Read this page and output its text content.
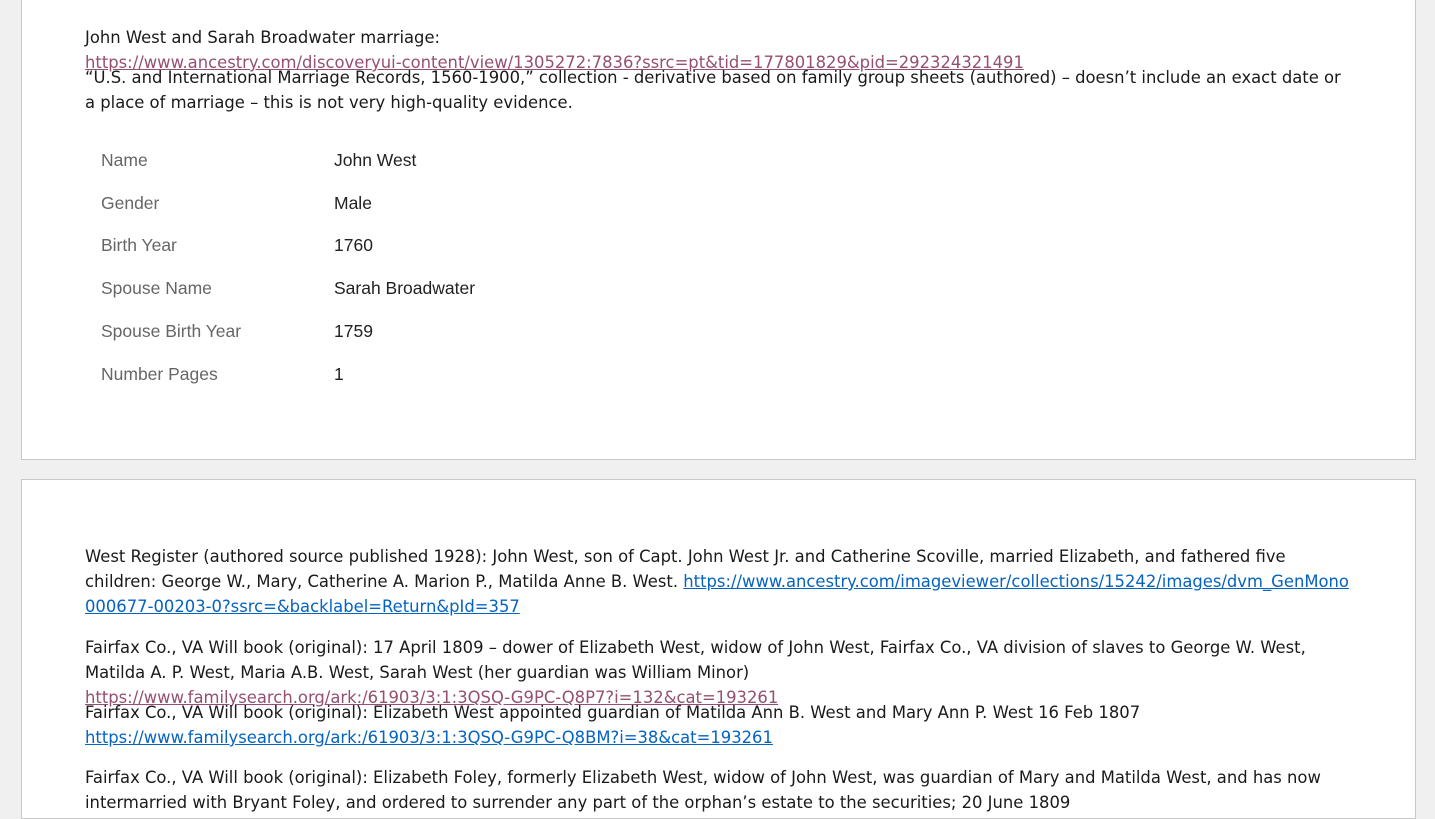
John West and Sarah Broadwater marriage: https://www.ancestry.com/discoveryui-content/view/1305272:7836?ssrc=pt&tid=177801829&pid=292324321491

“U.S. and International Marriage Records, 1560-1900,” collection - derivative based on family group sheets (authored) – doesn’t include an exact date or a place of marriage – this is not very high-quality evidence.

Name	John West
Gender	Male
Birth Year	1760
Spouse Name	Sarah Broadwater
Spouse Birth Year	1759
Number Pages	1

West Register (authored source published 1928): John West, son of Capt. John West Jr. and Catherine Scoville, married Elizabeth, and fathered five children: George W., Mary, Catherine A. Marion P., Matilda Anne B. West. https://www.ancestry.com/imageviewer/collections/15242/images/dvm_GenMono000677-00203-0?ssrc=&backlabel=Return&pId=357

Fairfax Co., VA Will book (original): 17 April 1809 – dower of Elizabeth West, widow of John West, Fairfax Co., VA division of slaves to George W. West, Matilda A. P. West, Maria A.B. West, Sarah West (her guardian was William Minor) https://www.familysearch.org/ark:/61903/3:1:3QSQ-G9PC-Q8P7?i=132&cat=193261

Fairfax Co., VA Will book (original): Elizabeth West appointed guardian of Matilda Ann B. West and Mary Ann P. West 16 Feb 1807
https://www.familysearch.org/ark:/61903/3:1:3QSQ-G9PC-Q8BM?i=38&cat=193261

Fairfax Co., VA Will book (original): Elizabeth Foley, formerly Elizabeth West, widow of John West, was guardian of Mary and Matilda West, and has now intermarried with Bryant Foley, and ordered to surrender any part of the orphan’s estate to the securities; 20 June 1809
